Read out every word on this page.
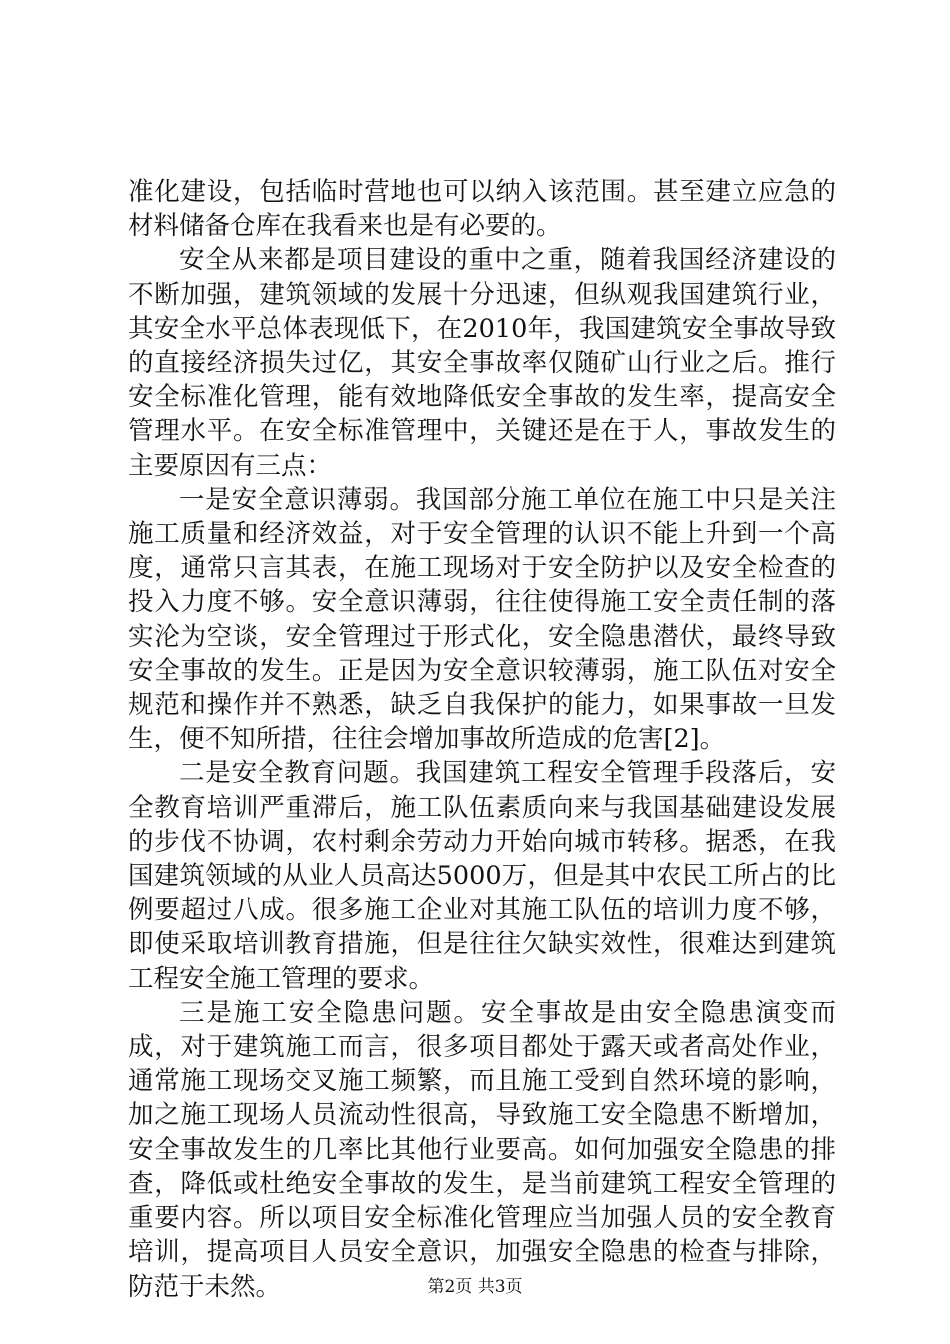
准化建设，包括临时营地也可以纳入该范围。甚至建立应急的材料储备仓库在我看来也是有必要的。

安全从来都是项目建设的重中之重，随着我国经济建设的不断加强，建筑领域的发展十分迅速，但纵观我国建筑行业，其安全水平总体表现低下，在2010年，我国建筑安全事故导致的直接经济损失过亿，其安全事故率仅随矿山行业之后。推行安全标准化管理，能有效地降低安全事故的发生率，提高安全管理水平。在安全标准管理中，关键还是在于人，事故发生的主要原因有三点：

一是安全意识薄弱。我国部分施工单位在施工中只是关注施工质量和经济效益，对于安全管理的认识不能上升到一个高度，通常只言其表，在施工现场对于安全防护以及安全检查的投入力度不够。安全意识薄弱，往往使得施工安全责任制的落实沦为空谈，安全管理过于形式化，安全隐患潜伏，最终导致安全事故的发生。正是因为安全意识较薄弱，施工队伍对安全规范和操作并不熟悉，缺乏自我保护的能力，如果事故一旦发生，便不知所措，往往会增加事故所造成的危害[2]。

二是安全教育问题。我国建筑工程安全管理手段落后，安全教育培训严重滞后，施工队伍素质向来与我国基础建设发展的步伐不协调，农村剩余劳动力开始向城市转移。据悉，在我国建筑领域的从业人员高达5000万，但是其中农民工所占的比例要超过八成。很多施工企业对其施工队伍的培训力度不够，即使采取培训教育措施，但是往往欠缺实效性，很难达到建筑工程安全施工管理的要求。

三是施工安全隐患问题。安全事故是由安全隐患演变而成，对于建筑施工而言，很多项目都处于露天或者高处作业，通常施工现场交叉施工频繁，而且施工受到自然环境的影响，加之施工现场人员流动性很高，导致施工安全隐患不断增加，安全事故发生的几率比其他行业要高。如何加强安全隐患的排查，降低或杜绝安全事故的发生，是当前建筑工程安全管理的重要内容。所以项目安全标准化管理应当加强人员的安全教育培训，提高项目人员安全意识，加强安全隐患的检查与排除，防范于未然。	第2页 共3页
